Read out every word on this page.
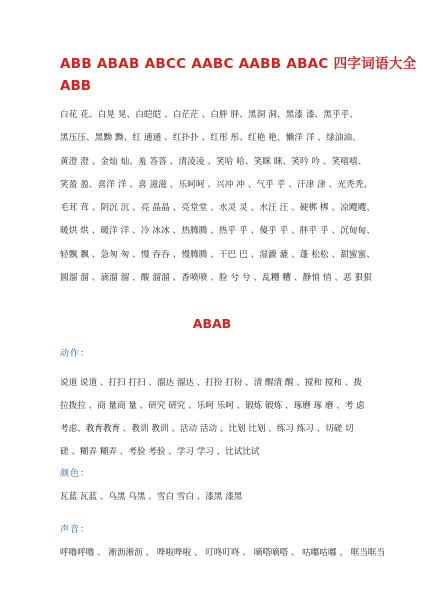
ABB ABAB ABCC AABC AABB ABAC 四字词语大全
ABB
白花 花、白晃 晃、白皑皑 、白茫茫 、白胖 胖、黑洞 洞、黑漆 漆、黑乎乎、
黑压压、黑黝 黝、红 通通 、红扑扑 、红彤 彤、红艳 艳、懒洋 洋 、绿油油、
黄澄 澄 、金灿 灿、羞 答答 、清凌凌 、笑哈 哈、笑眯 眯、笑吟 吟 、笑嘻嘻、
笑盈 盈、喜洋 洋 、喜 滋滋 、乐呵呵 、兴冲 冲 、气乎 乎 、汗津 津 、光秃秃、
毛茸 茸 、阴沉 沉 、亮 晶晶 、亮堂堂 、水灵 灵 、水汪 汪 、硬梆 梆 、凉飕飕、
暖烘 烘 、暖洋 洋 、冷 冰冰 、热腾腾 、热乎 乎 、傻乎 乎 、胖乎 乎 、沉甸甸、
轻飘 飘 、急匆 匆 、慢 吞吞 、慢腾腾 、干巴 巴 、湿漉 漉 、蓬 松松 、甜蜜蜜、
圆溜 溜 、滴溜 溜 、酸 溜溜 、香喷喷 、脸 兮 兮 、乱糟 糟 、静悄 悄 、恶 狠狠
ABAB
动作：
说道 说道 、打扫 打扫 、溜达 溜达 、打扮 打扮 、清 醒清 醒 、搅和 搅和 、拨
拉拨拉 、商 量商 量 、研究 研究 、乐呵 乐呵 、锻炼 锻炼 、琢磨 琢 磨 、考 虑
考虑、教育教育 、教训 教训 、活动 活动 、比划 比划 、练习 练习 、切磋 切
磋 、糊弄 糊弄 、考验 考验 、学习 学习 、比试比试
颜色：
瓦蓝 瓦蓝 、乌黑 乌黑 、雪白 雪白 、漆黑 漆黑
声音：
呼噜呼噜 、 淅沥淅沥 、 哗啦哗啦 、 叮咚叮咚 、 嘀嗒嘀嗒 、 咕嘟咕嘟 、 哐当哐当
